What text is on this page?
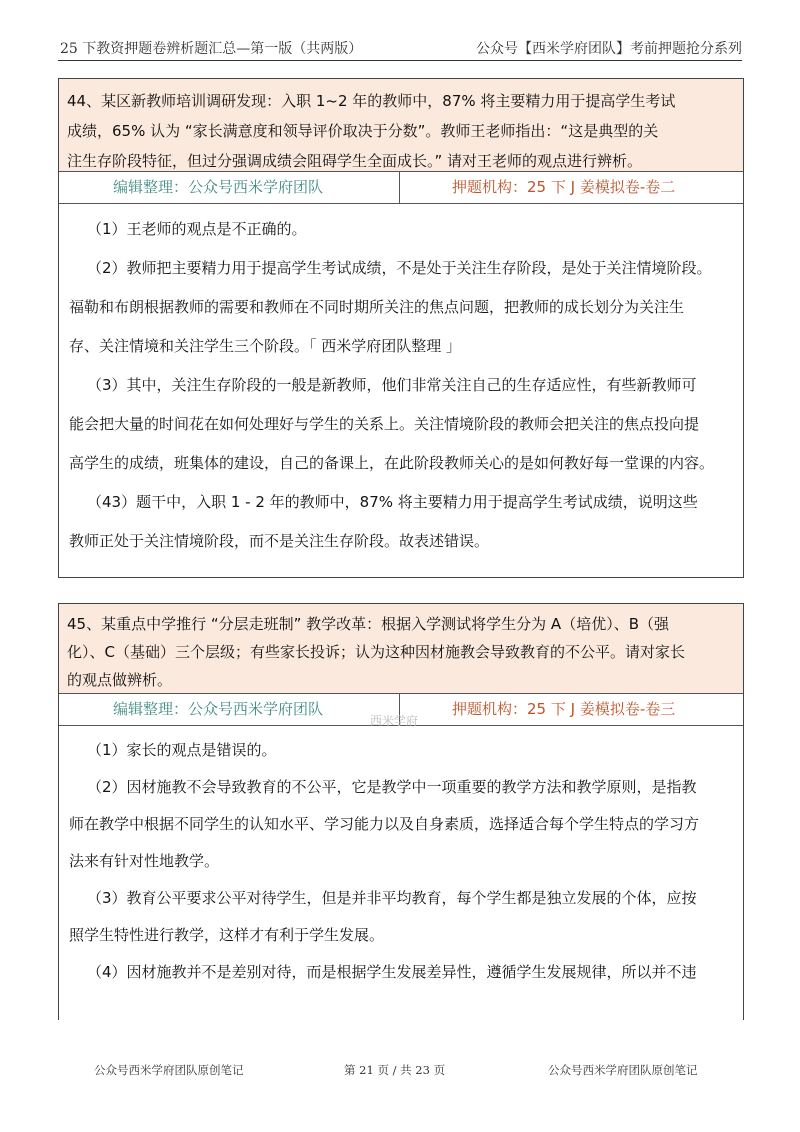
25 下教资押题卷辨析题汇总—第一版（共两版）	公众号【西米学府团队】考前押题抢分系列
44、某区新教师培训调研发现：入职 1~2 年的教师中，87% 将主要精力用于提高学生考试
成绩，65% 认为 “家长满意度和领导评价取决于分数”。教师王老师指出：“这是典型的关
注生存阶段特征，但过分强调成绩会阻碍学生全面成长。” 请对王老师的观点进行辨析。
编辑整理：公众号西米学府团队	押题机构：25 下 J 姜模拟卷-卷二

（1）王老师的观点是不正确的。

（2）教师把主要精力用于提高学生考试成绩，不是处于关注生存阶段，是处于关注情境阶段。

福勒和布朗根据教师的需要和教师在不同时期所关注的焦点问题，把教师的成长划分为关注生

存、关注情境和关注学生三个阶段。「 西米学府团队整理 」

（3）其中，关注生存阶段的一般是新教师，他们非常关注自己的生存适应性，有些新教师可

能会把大量的时间花在如何处理好与学生的关系上。关注情境阶段的教师会把关注的焦点投向提

高学生的成绩，班集体的建设，自己的备课上，在此阶段教师关心的是如何教好每一堂课的内容。

（43）题干中，入职 1 - 2 年的教师中，87% 将主要精力用于提高学生考试成绩，说明这些

教师正处于关注情境阶段，而不是关注生存阶段。故表述错误。

45、某重点中学推行 “分层走班制” 教学改革：根据入学测试将学生分为 A（培优）、B（强
化）、C（基础）三个层级；有些家长投诉；认为这种因材施教会导致教育的不公平。请对家长
的观点做辨析。
编辑整理：公众号西米学府团队	押题机构：25 下 J 姜模拟卷-卷三

（1）家长的观点是错误的。

（2）因材施教不会导致教育的不公平，它是教学中一项重要的教学方法和教学原则，是指教

师在教学中根据不同学生的认知水平、学习能力以及自身素质，选择适合每个学生特点的学习方

法来有针对性地教学。

（3）教育公平要求公平对待学生，但是并非平均教育，每个学生都是独立发展的个体，应按

照学生特性进行教学，这样才有利于学生发展。

（4）因材施教并不是差别对待，而是根据学生发展差异性，遵循学生发展规律，所以并不违

西米学府
公众号西米学府团队原创笔记	第 21 页 / 共 23 页	公众号西米学府团队原创笔记
